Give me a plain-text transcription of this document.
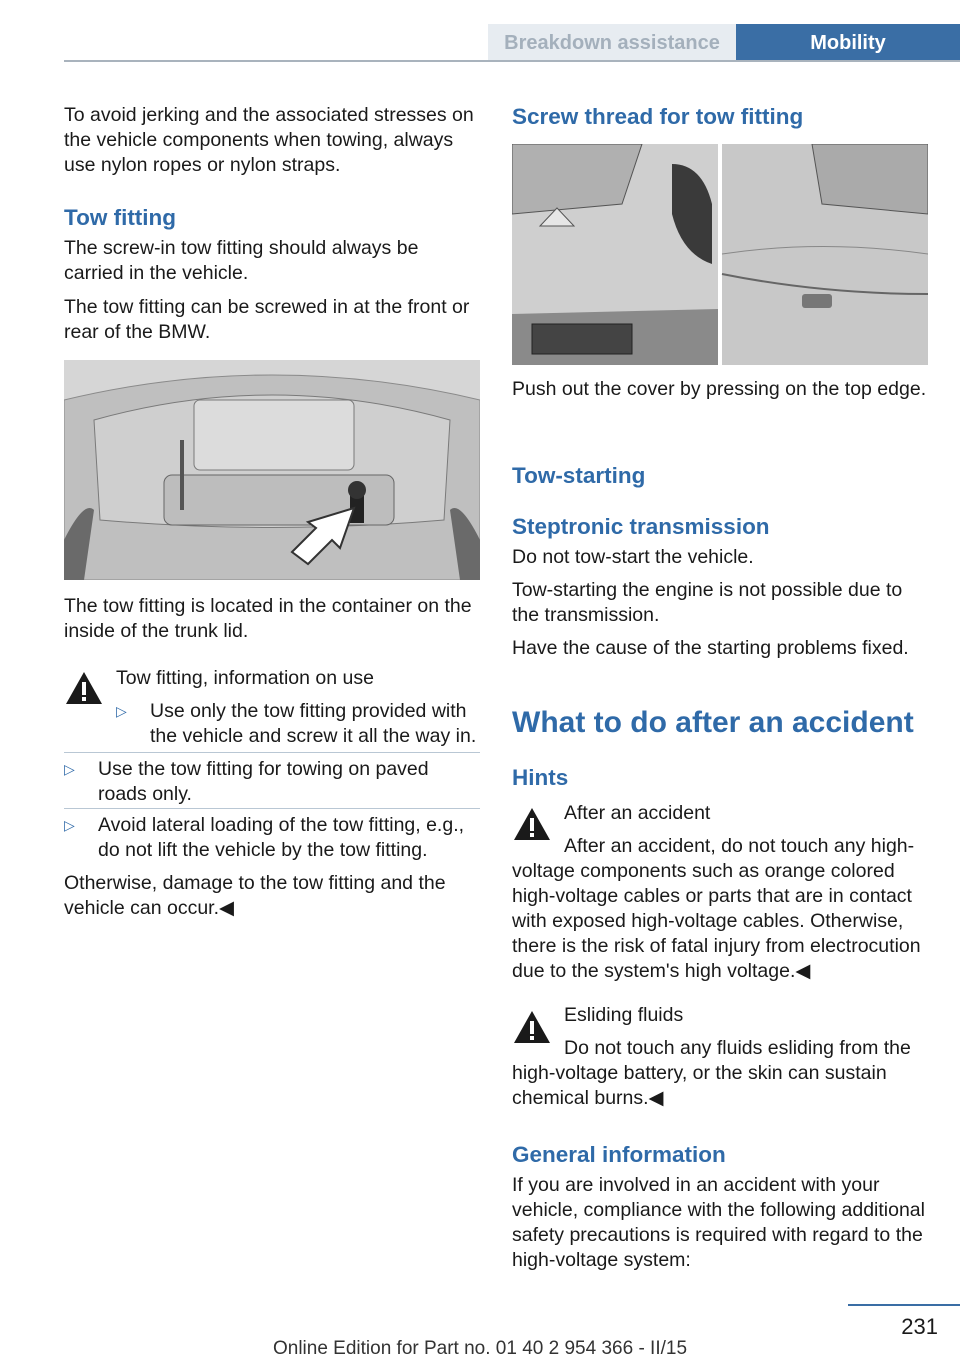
Breakdown assistance	Mobility

To avoid jerking and the associated stresses on the vehicle components when towing, always use nylon ropes or nylon straps.

Tow fitting

The screw-in tow fitting should always be carried in the vehicle.

The tow fitting can be screwed in at the front or rear of the BMW.

The tow fitting is located in the container on the inside of the trunk lid.

Tow fitting, information on use
▷	Use only the tow fitting provided with the vehicle and screw it all the way in.
▷	Use the tow fitting for towing on paved roads only.
▷	Avoid lateral loading of the tow fitting, e.g., do not lift the vehicle by the tow fitting.

Otherwise, damage to the tow fitting and the vehicle can occur.◀

Screw thread for tow fitting

Push out the cover by pressing on the top edge.

Tow-starting
Steptronic transmission

Do not tow-start the vehicle.

Tow-starting the engine is not possible due to the transmission.

Have the cause of the starting problems fixed.

What to do after an accident
Hints
After an accident

After an accident, do not touch any high-voltage components such as orange colored high-voltage cables or parts that are in contact with exposed high-voltage cables. Otherwise, there is the risk of fatal injury from electrocution due to the system's high voltage.◀

Esliding fluids

Do not touch any fluids esliding from the high-voltage battery, or the skin can sustain chemical burns.◀

General information

If you are involved in an accident with your vehicle, compliance with the following additional safety precautions is required with regard to the high-voltage system:

231
Online Edition for Part no. 01 40 2 954 366 - II/15
